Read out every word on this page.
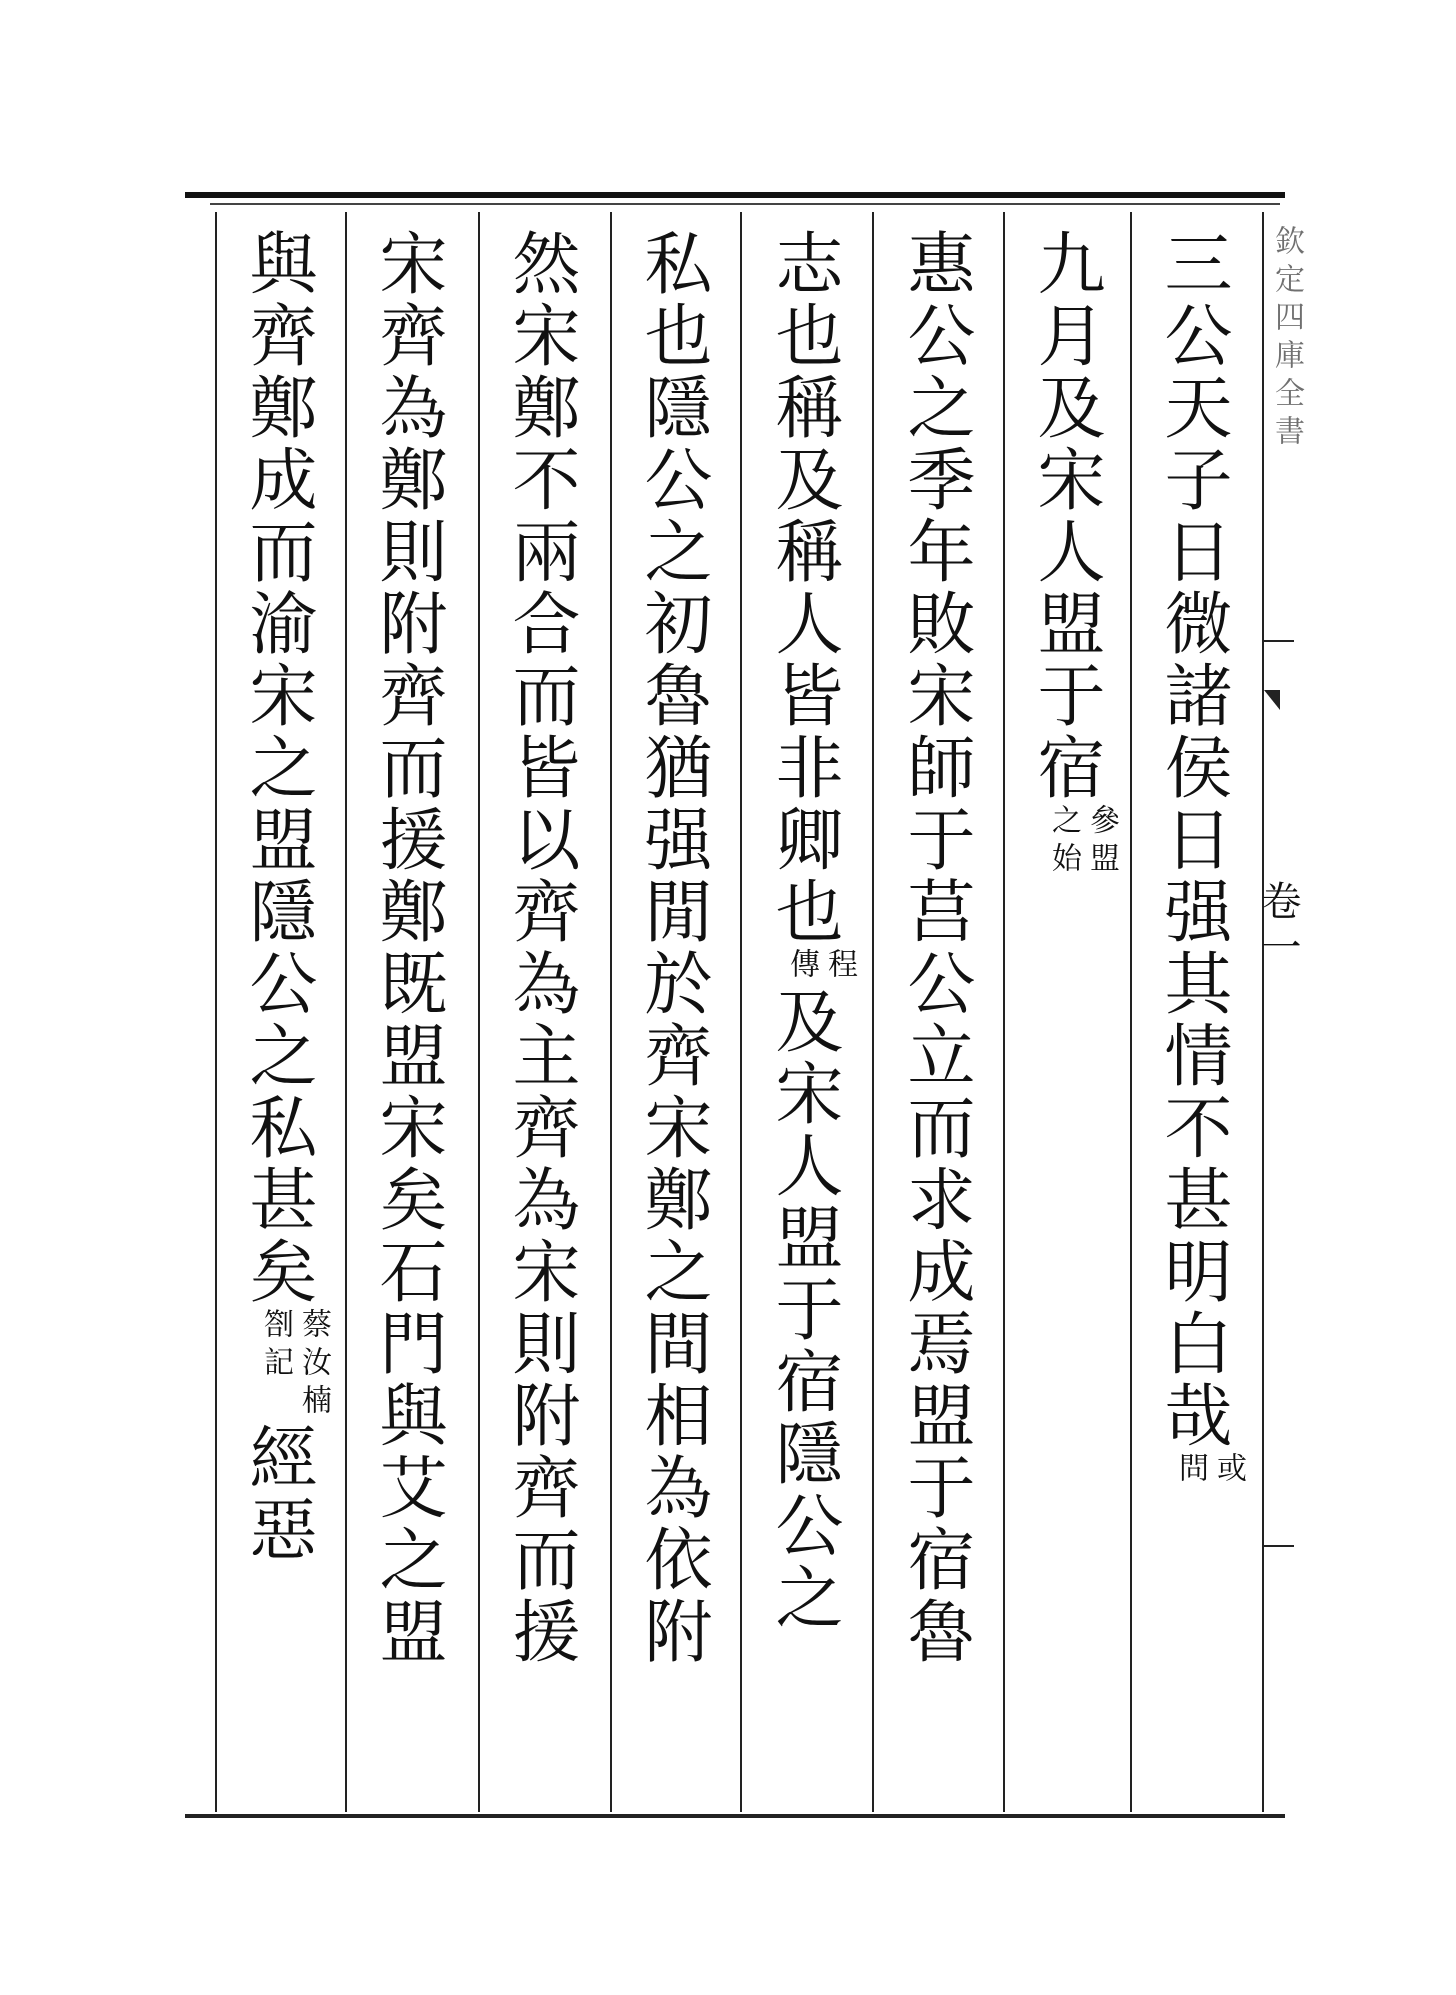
欽定四庫全書
卷一
三公天子日微諸侯日强其情不甚明白哉
或
問
九月及宋人盟于宿
參盟
之始
惠公之季年敗宋師于莒公立而求成焉盟于宿魯
志也稱及稱人皆非卿也
程
傳
及宋人盟于宿隱公之
私也隱公之初魯猶强閒於齊宋鄭之間相為依附
然宋鄭不兩合而皆以齊為主齊為宋則附齊而援
宋齊為鄭則附齊而援鄭既盟宋矣石門與艾之盟
與齊鄭成而渝宋之盟隱公之私甚矣
蔡汝楠
劄記
經惡
